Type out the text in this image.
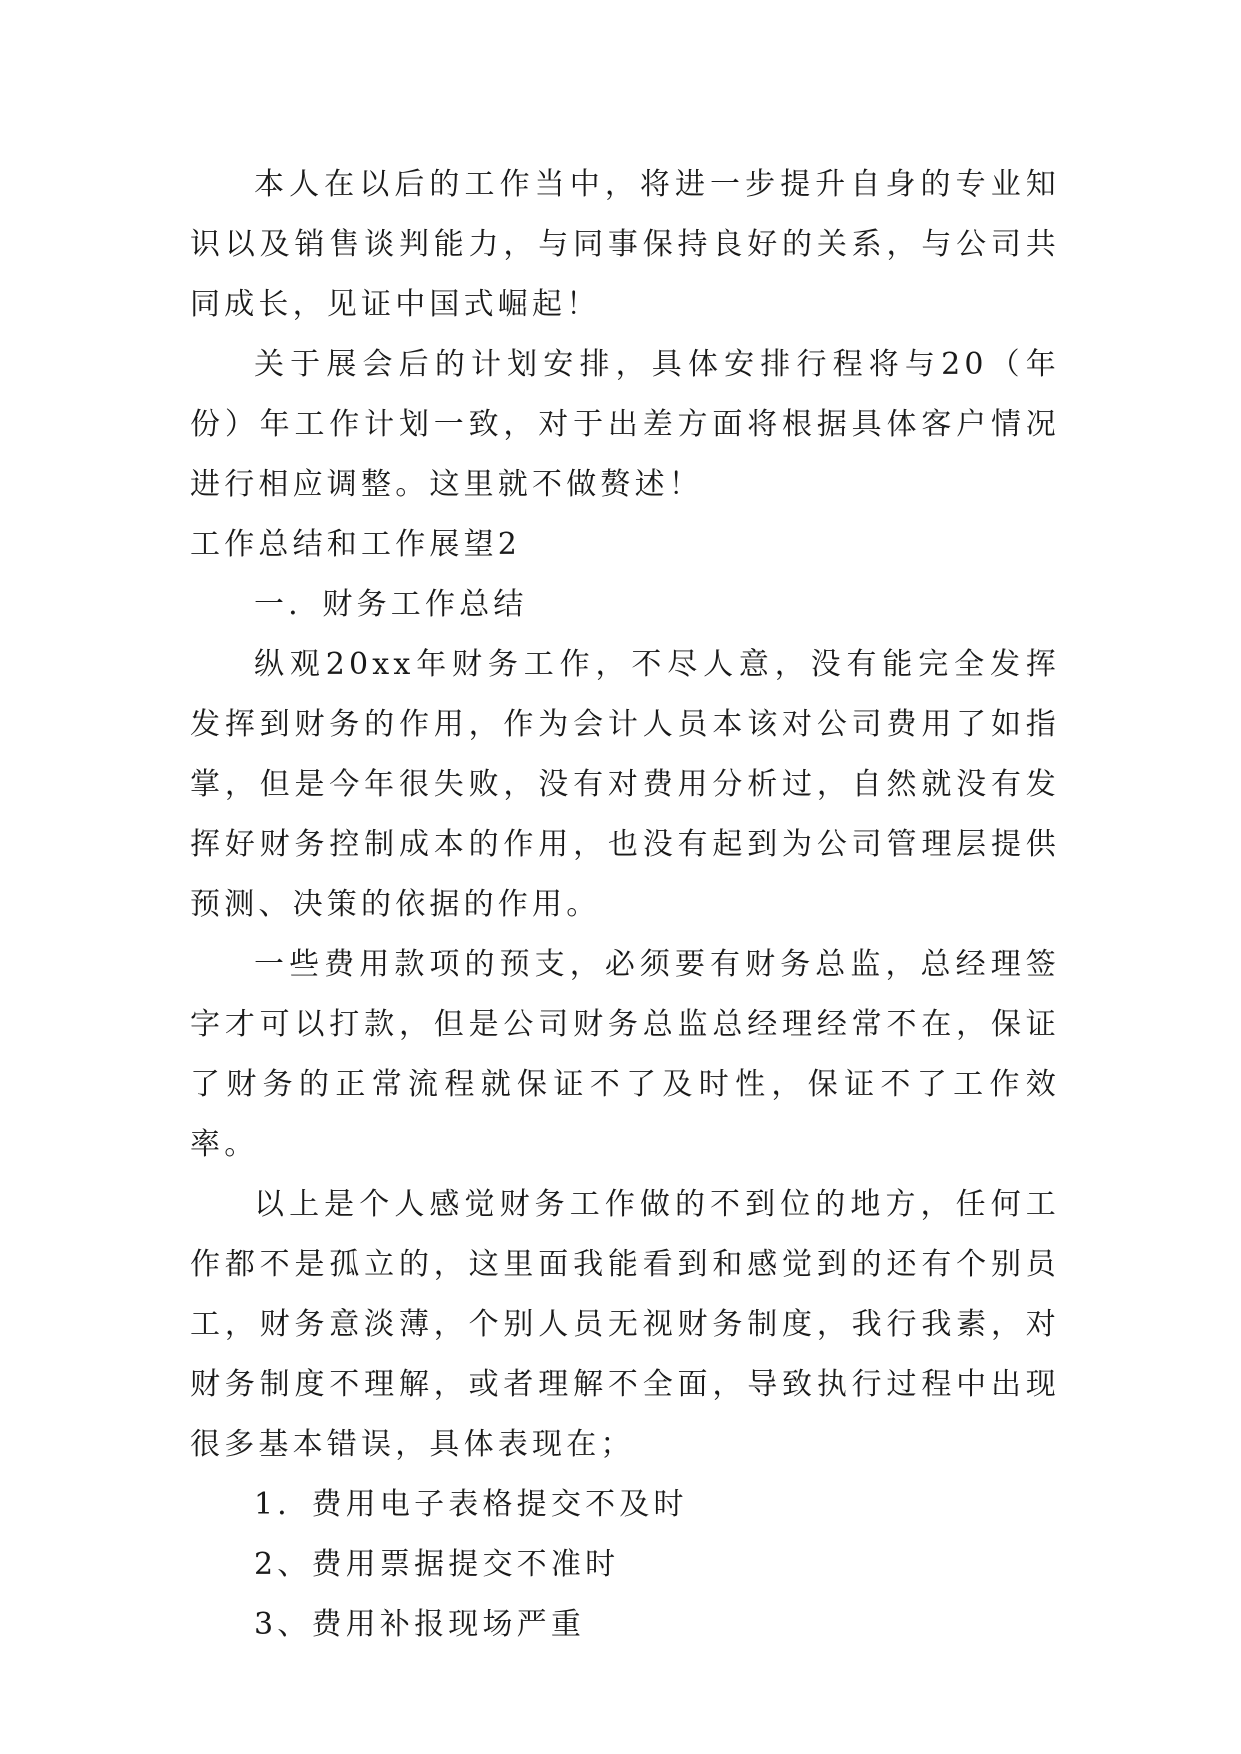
本人在以后的工作当中，将进一步提升自身的专业知识以及销售谈判能力，与同事保持良好的关系，与公司共同成长，见证中国式崛起！

关于展会后的计划安排，具体安排行程将与20（年份）年工作计划一致，对于出差方面将根据具体客户情况进行相应调整。这里就不做赘述！

工作总结和工作展望2

一．财务工作总结

纵观20xx年财务工作，不尽人意，没有能完全发挥发挥到财务的作用，作为会计人员本该对公司费用了如指掌，但是今年很失败，没有对费用分析过，自然就没有发挥好财务控制成本的作用，也没有起到为公司管理层提供预测、决策的依据的作用。

一些费用款项的预支，必须要有财务总监，总经理签字才可以打款，但是公司财务总监总经理经常不在，保证了财务的正常流程就保证不了及时性，保证不了工作效率。

以上是个人感觉财务工作做的不到位的地方，任何工作都不是孤立的，这里面我能看到和感觉到的还有个别员工，财务意淡薄，个别人员无视财务制度，我行我素，对财务制度不理解，或者理解不全面，导致执行过程中出现很多基本错误，具体表现在；

1．费用电子表格提交不及时

2、费用票据提交不准时

3、费用补报现场严重
